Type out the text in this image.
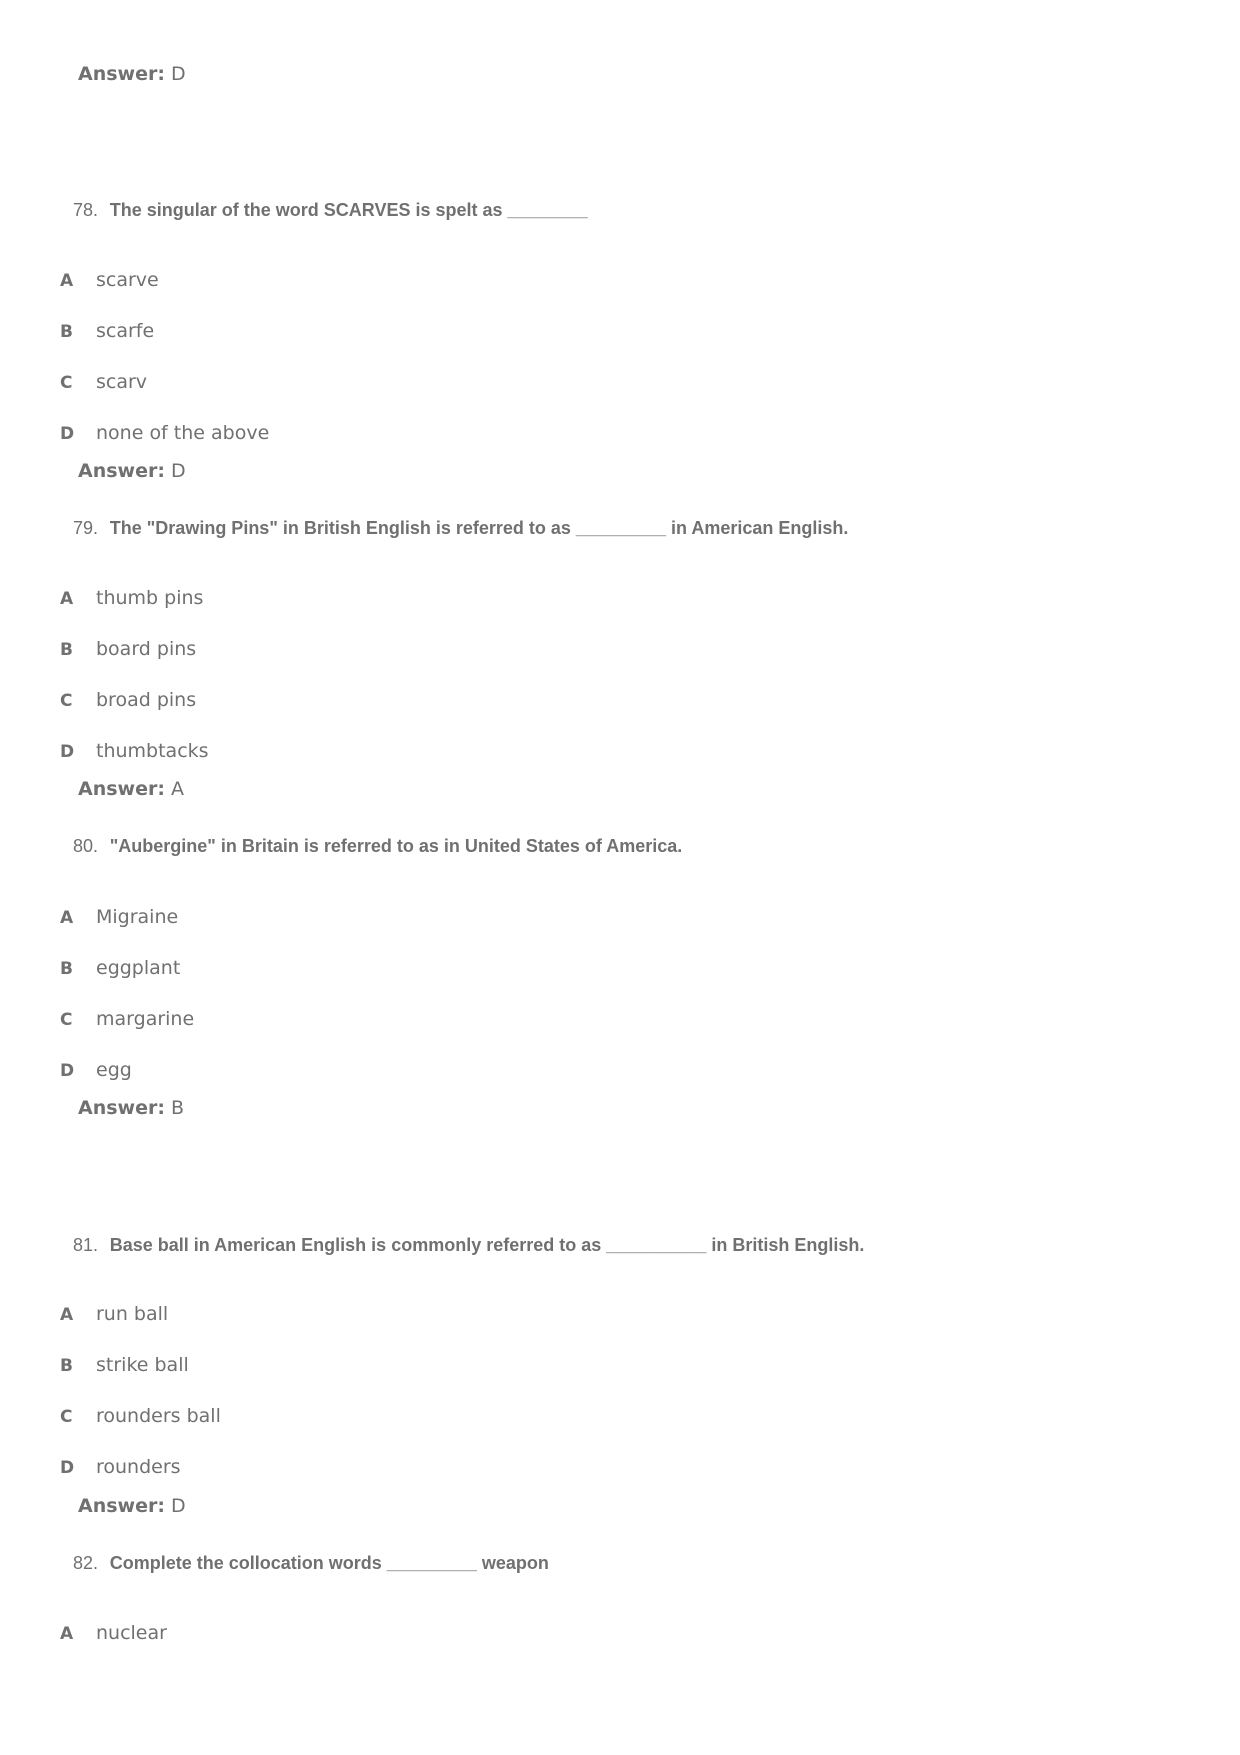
Answer: D
78. The singular of the word SCARVES is spelt as ________
A scarve
B scarfe
C scarv
D none of the above
Answer: D
79. The "Drawing Pins" in British English is referred to as _________ in American English.
A thumb pins
B board pins
C broad pins
D thumbtacks
Answer: A
80. "Aubergine" in Britain is referred to as in United States of America.
A Migraine
B eggplant
C margarine
D egg
Answer: B
81. Base ball in American English is commonly referred to as __________ in British English.
A run ball
B strike ball
C rounders ball
D rounders
Answer: D
82. Complete the collocation words _________ weapon
A nuclear
